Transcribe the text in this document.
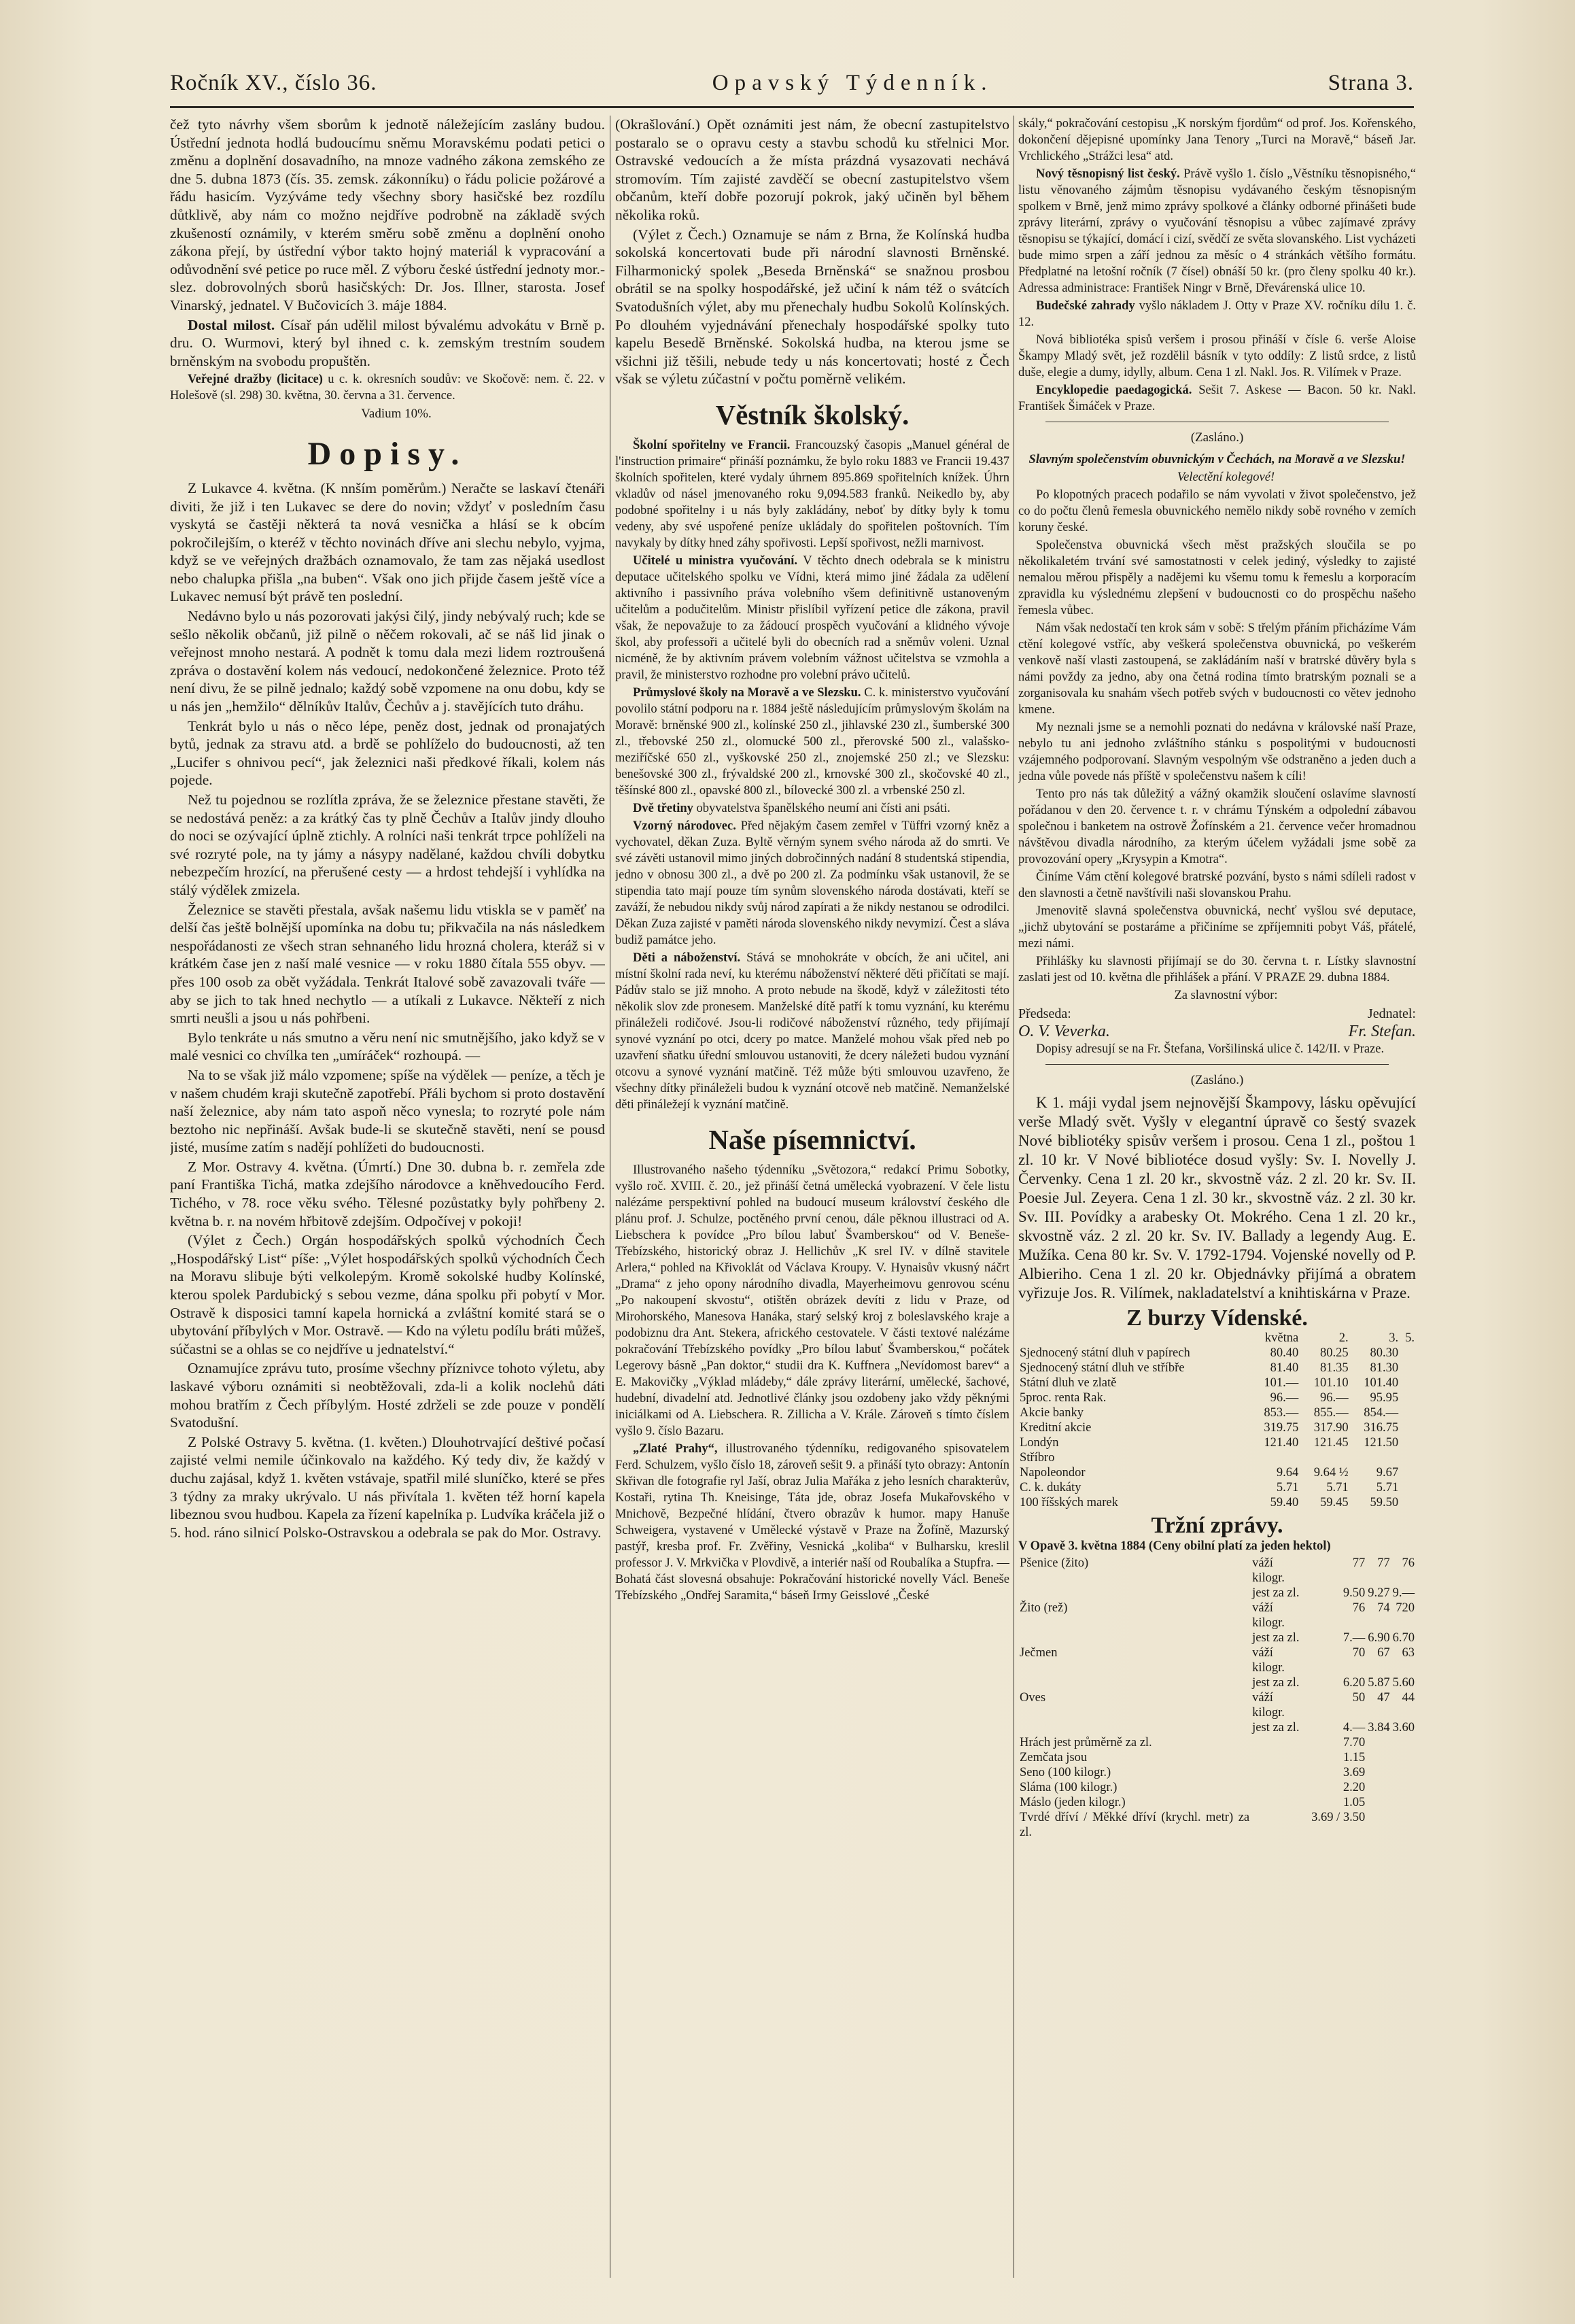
Ročník XV., číslo 36.	Opavský Týdenník.	Strana 3.

čež tyto návrhy všem sborům k jednotě náležejícím zaslány budou. Ústřední jednota hodlá budoucímu sněmu Moravskému podati petici o změnu a doplnění dosavadního, na mnoze vadného zákona zemského ze dne 5. dubna 1873 (čís. 35. zemsk. zákonníku) o řádu policie požárové a řádu hasicím. Vyzýváme tedy všechny sbory hasičské bez rozdílu důtklivě, aby nám co možno nejdříve podrobně na základě svých zkušeností oznámily, v kterém směru sobě změnu a doplnění onoho zákona přejí, by ústřední výbor takto hojný materiál k vypracování a odůvodnění své petice po ruce měl. Z výboru české ústřední jednoty mor.-slez. dobrovolných sborů hasičských: Dr. Jos. Illner, starosta. Josef Vinarský, jednatel. V Bučovicích 3. máje 1884.

Dostal milost. Císař pán udělil milost bývalému advokátu v Brně p. dru. O. Wurmovi, který byl ihned c. k. zemským trestním soudem brněnským na svobodu propuštěn.

Veřejné dražby (licitace) u c. k. okresních soudův: ve Skočově: nem. č. 22. v Holešově (sl. 298) 30. května, 30. června a 31. července.

Vadium 10%.

Dopisy.

Z Lukavce 4. května. (K nnším poměrům.) Neračte se laskaví čtenáři diviti, že již i ten Lukavec se dere do novin; vždyť v posledním času vyskytá se častěji některá ta nová vesnička a hlásí se k obcím pokročilejším, o kteréž v těchto novinách dříve ani slechu nebylo, vyjma, když se ve veřejných dražbách oznamovalo, že tam zas nějaká usedlost nebo chalupka přišla „na buben“. Však ono jich přijde časem ještě více a Lukavec nemusí být právě ten poslední.

Nedávno bylo u nás pozorovati jakýsi čilý, jindy nebývalý ruch; kde se sešlo několik občanů, již pilně o něčem rokovali, ač se náš lid jinak o veřejnost mnoho nestará. A podnět k tomu dala mezi lidem roztroušená zpráva o dostavění kolem nás vedoucí, nedokončené železnice. Proto též není divu, že se pilně jednalo; každý sobě vzpomene na onu dobu, kdy se u nás jen „hemžilo“ dělníkův Italův, Čechův a j. stavějících tuto dráhu.

Tenkrát bylo u nás o něco lépe, peněz dost, jednak od pronajatých bytů, jednak za stravu atd. a brdě se pohlíželo do budoucnosti, až ten „Lucifer s ohnivou pecí“, jak železnici naši předkové říkali, kolem nás pojede.

Než tu pojednou se rozlítla zpráva, že se železnice přestane stavěti, že se nedostává peněz: a za krátký čas ty plně Čechův a Italův jindy dlouho do noci se ozývající úplně ztichly. A rolníci naši tenkrát trpce pohlíželi na své rozryté pole, na ty jámy a násypy nadělané, každou chvíli dobytku nebezpečím hrozící, na přerušené cesty — a hrdost tehdejší i vyhlídka na stálý výdělek zmizela.

Železnice se stavěti přestala, avšak našemu lidu vtiskla se v paměť na delší čas ještě bolnější upomínka na dobu tu; přikvačila na nás následkem nespořádanosti ze všech stran sehnaného lidu hrozná cholera, kteráž si v krátkém čase jen z naší malé vesnice — v roku 1880 čítala 555 obyv. — přes 100 osob za obět vyžádala. Tenkrát Italové sobě zavazovali tváře — aby se jich to tak hned nechytlo — a utíkali z Lukavce. Někteří z nich smrti neušli a jsou u nás pohřbeni.

Bylo tenkráte u nás smutno a věru není nic smutnějšího, jako když se v malé vesnici co chvílka ten „umíráček“ rozhoupá. —

Na to se však již málo vzpomene; spíše na výdělek — peníze, a těch je v našem chudém kraji skutečně zapotřebí. Přáli bychom si proto dostavění naší železnice, aby nám tato aspoň něco vynesla; to rozryté pole nám beztoho nic nepřináší. Avšak bude-li se skutečně stavěti, není se pousd jisté, musíme zatím s nadějí pohlížeti do budoucnosti.

Z Mor. Ostravy 4. května. (Úmrtí.) Dne 30. dubna b. r. zemřela zde paní Františka Tichá, matka zdejšího národovce a kněhvedoucího Ferd. Tichého, v 78. roce věku svého. Tělesné pozůstatky byly pohřbeny 2. května b. r. na novém hřbitově zdejším. Odpočívej v pokoji!

(Výlet z Čech.) Orgán hospodářských spolků východních Čech „Hospodářský List“ píše: „Výlet hospodářských spolků východních Čech na Moravu slibuje býti velkolepým. Kromě sokolské hudby Kolínské, kterou spolek Pardubický s sebou vezme, dána spolku při pobytí v Mor. Ostravě k disposici tamní kapela hornická a zvláštní komité stará se o ubytování příbylých v Mor. Ostravě. — Kdo na výletu podílu bráti můžeš, súčastni se a ohlas se co nejdříve u jednatelství.“

Oznamujíce zprávu tuto, prosíme všechny příznivce tohoto výletu, aby laskavé výboru oznámiti si neobtěžovali, zda-li a kolik noclehů dáti mohou bratřím z Čech příbylým. Hosté zdrželi se zde pouze v pondělí Svatodušní.

Z Polské Ostravy 5. května. (1. květen.) Dlouhotrvající deštivé počasí zajisté velmi nemile účinkovalo na každého. Ký tedy div, že každý v duchu zajásal, když 1. květen vstávaje, spatřil milé sluníčko, které se přes 3 týdny za mraky ukrývalo. U nás přivítala 1. květen též horní kapela libeznou svou hudbou. Kapela za řízení kapelníka p. Ludvíka kráčela již o 5. hod. ráno silnicí Polsko-Ostravskou a odebrala se pak do Mor. Ostravy.

(Okrašlování.) Opět oznámiti jest nám, že obecní zastupitelstvo postaralo se o opravu cesty a stavbu schodů ku střelnici Mor. Ostravské vedoucích a že místa prázdná vysazovati nechává stromovím. Tím zajisté zavděčí se obecní zastupitelstvo všem občanům, kteří dobře pozorují pokrok, jaký učiněn byl během několika roků.

(Výlet z Čech.) Oznamuje se nám z Brna, že Kolínská hudba sokolská koncertovati bude při národní slavnosti Brněnské. Filharmonický spolek „Beseda Brněnská“ se snažnou prosbou obrátil se na spolky hospodářské, jež učiní k nám též o svátcích Svatodušních výlet, aby mu přenechaly hudbu Sokolů Kolínských. Po dlouhém vyjednávání přenechaly hospodářské spolky tuto kapelu Besedě Brněnské. Sokolská hudba, na kterou jsme se všichni již těšili, nebude tedy u nás koncertovati; hosté z Čech však se výletu zúčastní v počtu poměrně velikém.

Věstník školský.

Školní spořitelny ve Francii. Francouzský časopis „Manuel général de l'instruction primaire“ přináší poznámku, že bylo roku 1883 ve Francii 19.437 školních spořitelen, které vydaly úhrnem 895.869 spořitelních knížek. Úhrn vkladův od násel jmenovaného roku 9,094.583 franků. Neikedlo by, aby podobné spořitelny i u nás byly zakládány, neboť by dítky byly k tomu vedeny, aby své uspořené peníze ukládaly do spořitelen poštovních. Tím navykaly by dítky hned záhy spořivosti. Lepší spořivost, nežli marnivost.

Učitelé u ministra vyučování. V těchto dnech odebrala se k ministru deputace učitelského spolku ve Vídni, která mimo jiné žádala za udělení aktivního i passivního práva volebního všem definitivně ustanoveným učitelům a podučitelům. Ministr přislíbil vyřízení petice dle zákona, pravil však, že nepovažuje to za žádoucí prospěch vyučování a klidného vývoje škol, aby professoři a učitelé byli do obecních rad a sněmův voleni. Uznal nicméně, že by aktivním právem volebním vážnost učitelstva se vzmohla a pravil, že ministerstvo rozhodne pro volební právo učitelů.

Průmyslové školy na Moravě a ve Slezsku. C. k. ministerstvo vyučování povolilo státní podporu na r. 1884 ještě následujícím průmyslovým školám na Moravě: brněnské 900 zl., kolínské 250 zl., jihlavské 230 zl., šumberské 300 zl., třebovské 250 zl., olomucké 500 zl., přerovské 500 zl., valašsko-meziříčské 650 zl., vyškovské 250 zl., znojemské 250 zl.; ve Slezsku: benešovské 300 zl., frývaldské 200 zl., krnovské 300 zl., skočovské 40 zl., těšínské 800 zl., opavské 800 zl., bílovecké 300 zl. a vrbenské 250 zl.

Dvě třetiny obyvatelstva španělského neumí ani čísti ani psáti.

Vzorný národovec. Před nějakým časem zemřel v Tüffri vzorný kněz a vychovatel, děkan Zuza. Byltě věrným synem svého národa až do smrti. Ve své závěti ustanovil mimo jiných dobročinných nadání 8 studentská stipendia, jedno v obnosu 300 zl., a dvě po 200 zl. Za podmínku však ustanovil, že se stipendia tato mají pouze tím synům slovenského národa dostávati, kteří se zaváží, že nebudou nikdy svůj národ zapírati a že nikdy nestanou se odrodilci. Děkan Zuza zajisté v paměti národa slovenského nikdy nevymizí. Čest a sláva budiž památce jeho.

Děti a náboženství. Stává se mnohokráte v obcích, že ani učitel, ani místní školní rada neví, ku kterému náboženství některé děti přičítati se mají. Pádův stalo se již mnoho. A proto nebude na škodě, když v záležitosti této několik slov zde pronesem. Manželské dítě patří k tomu vyznání, ku kterému přináleželi rodičové. Jsou-li rodičové náboženství různého, tedy přijímají synové vyznání po otci, dcery po matce. Manželé mohou však před neb po uzavření sňatku úřední smlouvou ustanoviti, že dcery náležeti budou vyznání otcovu a synové vyznání matčině. Též může býti smlouvou uzavřeno, že všechny dítky přináleželi budou k vyznání otcově neb matčině. Nemanželské děti přináležejí k vyznání matčině.

Naše písemnictví.

Illustrovaného našeho týdenníku „Světozora,“ redakcí Primu Sobotky, vyšlo roč. XVIII. č. 20., jež přináší četná umělecká vyobrazení. V čele listu nalézáme perspektivní pohled na budoucí museum království českého dle plánu prof. J. Schulze, poctěného první cenou, dále pěknou illustraci od A. Liebschera k povídce „Pro bílou labuť Švamberskou“ od V. Beneše-Třebízského, historický obraz J. Hellichův „K srel IV. v dílně stavitele Arlera,“ pohled na Křivoklát od Václava Kroupy. V. Hynaisův vkusný náčrt „Drama“ z jeho opony národního divadla, Mayerheimovu genrovou scénu „Po nakoupení skvostu“, otištěn obrázek devíti z lidu v Praze, od Mirohorského, Manesova Hanáka, starý selský kroj z boleslavského kraje a podobiznu dra Ant. Stekera, afrického cestovatele. V části textové nalézáme pokračování Třebízského povídky „Pro bílou labuť Švamberskou,“ počátek Legerovy básně „Pan doktor,“ studii dra K. Kuffnera „Nevídomost barev“ a E. Makovičky „Výklad mládeby,“ dále zprávy literární, umělecké, šachové, hudební, divadelní atd. Jednotlivé články jsou ozdobeny jako vždy pěknými iniciálkami od A. Liebschera. R. Zillicha a V. Krále. Zároveň s tímto číslem vyšlo 9. číslo Bazaru.

„Zlaté Prahy“, illustrovaného týdenníku, redigovaného spisovatelem Ferd. Schulzem, vyšlo číslo 18, zároveň sešit 9. a přináší tyto obrazy: Antonín Skřivan dle fotografie ryl Jaší, obraz Julia Mařáka z jeho lesních charakterův, Kostaři, rytina Th. Kneisinge, Táta jde, obraz Josefa Mukařovského v Mnichově, Bezpečné hlídání, čtvero obrazův k humor. mapy Hanuše Schweigera, vystavené v Umělecké výstavě v Praze na Žofíně, Mazurský pastýř, kresba prof. Fr. Zvěřiny, Vesnická „koliba“ v Bulharsku, kreslil professor J. V. Mrkvička v Plovdivě, a interiér naší od Roubalíka a Stupfra. — Bohatá část slovesná obsahuje: Pokračování historické novelly Václ. Beneše Třebízského „Ondřej Saramita,“ báseň Irmy Geisslové „České

skály,“ pokračování cestopisu „K norským fjordům“ od prof. Jos. Kořenského, dokončení dějepisné upomínky Jana Tenory „Turci na Moravě,“ báseň Jar. Vrchlického „Strážci lesa“ atd.

Nový těsnopisný list český. Právě vyšlo 1. číslo „Věstníku těsnopisného,“ listu věnovaného zájmům těsnopisu vydávaného českým těsnopisným spolkem v Brně, jenž mimo zprávy spolkové a články odborné přinášeti bude zprávy literární, zprávy o vyučování těsnopisu a vůbec zajímavé zprávy těsnopisu se týkající, domácí i cizí, svědčí ze světa slovanského. List vycházeti bude mimo srpen a září jednou za měsíc o 4 stránkách většího formátu. Předplatné na letošní ročník (7 čísel) obnáší 50 kr. (pro členy spolku 40 kr.). Adressa administrace: František Ningr v Brně, Dřevárenská ulice 10.

Budečské zahrady vyšlo nákladem J. Otty v Praze XV. ročníku dílu 1. č. 12.

Nová bibliotéka spisů veršem i prosou přináší v čísle 6. verše Aloise Škampy Mladý svět, jež rozdělil básník v tyto oddíly: Z listů srdce, z listů duše, elegie a dumy, idylly, album. Cena 1 zl. Nakl. Jos. R. Vilímek v Praze.

Encyklopedie paedagogická. Sešit 7. Askese — Bacon. 50 kr. Nakl. František Šimáček v Praze.

(Zasláno.)

Slavným společenstvím obuvnickým v Čechách, na Moravě a ve Slezsku!

Velectění kolegové!

Po klopotných pracech podařilo se nám vyvolati v život společenstvo, jež co do počtu členů řemesla obuvnického nemělo nikdy sobě rovného v zemích koruny české.

Společenstva obuvnická všech měst pražských sloučila se po několikaletém trvání své samostatnosti v celek jediný, výsledky to zajisté nemalou měrou přispěly a nadějemi ku všemu tomu k řemeslu a korporacím zpravidla ku výslednému zlepšení v budoucnosti co do prospěchu našeho řemesla vůbec.

Nám však nedostačí ten krok sám v sobě: S třelým přáním přicházíme Vám ctění kolegové vstříc, aby veškerá společenstva obuvnická, po veškerém venkově naší vlasti zastoupená, se zakládáním naší v bratrské důvěry byla s námi povždy za jedno, aby ona četná rodina tímto bratrským poznali se a zorganisovala ku snahám všech potřeb svých v budoucnosti co větev jednoho kmene.

My neznali jsme se a nemohli poznati do nedávna v královské naší Praze, nebylo tu ani jednoho zvláštního stánku s pospolitými v budoucnosti vzájemného podporovaní. Slavným vespolným vše odstraněno a jeden duch a jedna vůle povede nás příště v společenstvu našem k cíli!

Tento pro nás tak důležitý a vážný okamžik sloučení oslavíme slavností pořádanou v den 20. července t. r. v chrámu Týnském a odpolední zábavou společnou i banketem na ostrově Žofínském a 21. července večer hromadnou návštěvou divadla národního, za kterým účelem vyžádali jsme sobě za provozování opery „Krysypin a Kmotra“.

Činíme Vám ctění kolegové bratrské pozvání, bysto s námi sdíleli radost v den slavnosti a četně navštívili naši slovanskou Prahu.

Jmenovitě slavná společenstva obuvnická, nechť vyšlou své deputace, „jichž ubytování se postaráme a přičiníme se zpříjemniti pobyt Váš, přátelé, mezi námi.

Přihlášky ku slavnosti přijímají se do 30. června t. r. Lístky slavnostní zaslati jest od 10. května dle přihlášek a přání. V PRAZE 29. dubna 1884.

Za slavnostní výbor:

Předseda:	Jednatel:
O. V. Veverka.	Fr. Stefan.

Dopisy adresují se na Fr. Štefana, Voršilinská ulice č. 142/II. v Praze.

(Zasláno.)

K 1. máji vydal jsem nejnovější Škampovy, lásku opěvující verše Mladý svět. Vyšly v elegantní úpravě co šestý svazek Nové bibliotéky spisův veršem i prosou. Cena 1 zl., poštou 1 zl. 10 kr. V Nové bibliotéce dosud vyšly: Sv. I. Novelly J. Červenky. Cena 1 zl. 20 kr., skvostně váz. 2 zl. 20 kr. Sv. II. Poesie Jul. Zeyera. Cena 1 zl. 30 kr., skvostně váz. 2 zl. 30 kr. Sv. III. Povídky a arabesky Ot. Mokrého. Cena 1 zl. 20 kr., skvostně váz. 2 zl. 20 kr. Sv. IV. Ballady a legendy Aug. E. Mužíka. Cena 80 kr. Sv. V. 1792-1794. Vojenské novelly od P. Albieriho. Cena 1 zl. 20 kr. Objednávky přijímá a obratem vyřizuje Jos. R. Vilímek, nakladatelství a knihtiskárna v Praze.

Z burzy Vídenské.
	května	2.	3.	5.
Sjednocený státní dluh v papírech	80.40	80.25	80.30	
Sjednocený státní dluh ve stříbře	81.40	81.35	81.30	
Státní dluh ve zlatě	101.—	101.10	101.40	
5proc. renta Rak.	96.—	96.—	95.95	
Akcie banky	853.—	855.—	854.—	
Kreditní akcie	319.75	317.90	316.75	
Londýn	121.40	121.45	121.50	
Stříbro				
Napoleondor	9.64	9.64 ½	9.67	
C. k. dukáty	5.71	5.71	5.71	
100 říšských marek	59.40	59.45	59.50	
Tržní zprávy.

V Opavě 3. května 1884 (Ceny obilní platí za jeden hektol)

Pšenice (žito)	váží kilogr.	77	77	76
	jest za zl.	9.50	9.27	9.—
Žito (rež)	váží kilogr.	76	74	720
	jest za zl.	7.—	6.90	6.70
Ječmen	váží kilogr.	70	67	63
	jest za zl.	6.20	5.87	5.60
Oves	váží kilogr.	50	47	44
	jest za zl.	4.—	3.84	3.60
Hrách jest průměrně za zl.		7.70		
Zemčata jsou		1.15		
Seno (100 kilogr.)		3.69		
Sláma (100 kilogr.)		2.20		
Máslo (jeden kilogr.)		1.05		
Tvrdé dříví / Měkké dříví (krychl. metr) za zl.		3.69 / 3.50		
